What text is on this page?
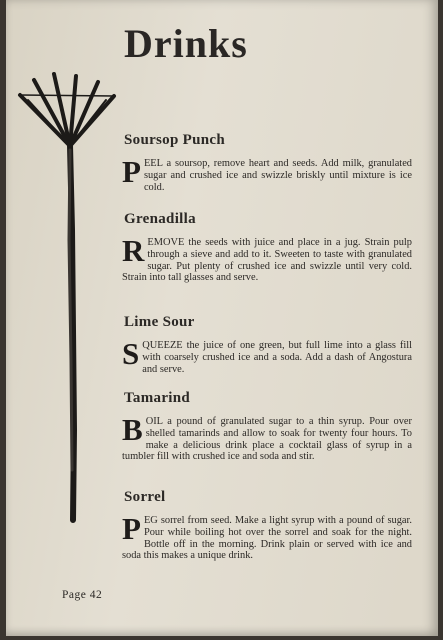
Drinks
Soursop Punch

PEEL a soursop, remove heart and seeds. Add milk, granulated sugar and crushed ice and swizzle briskly until mixture is ice cold.

Grenadilla

REMOVE the seeds with juice and place in a jug. Strain pulp through a sieve and add to it. Sweeten to taste with granulated sugar. Put plenty of crushed ice and swizzle until very cold. Strain into tall glasses and serve.

Lime Sour

SQUEEZE the juice of one green, but full lime into a glass fill with coarsely crushed ice and a soda. Add a dash of Angostura and serve.

Tamarind

BOIL a pound of granulated sugar to a thin syrup. Pour over shelled tamarinds and allow to soak for twenty four hours. To make a delicious drink place a cocktail glass of syrup in a tumbler fill with crushed ice and soda and stir.

Sorrel

PEG sorrel from seed. Make a light syrup with a pound of sugar. Pour while boiling hot over the sorrel and soak for the night. Bottle off in the morning. Drink plain or served with ice and soda this makes a unique drink.

Page 42
